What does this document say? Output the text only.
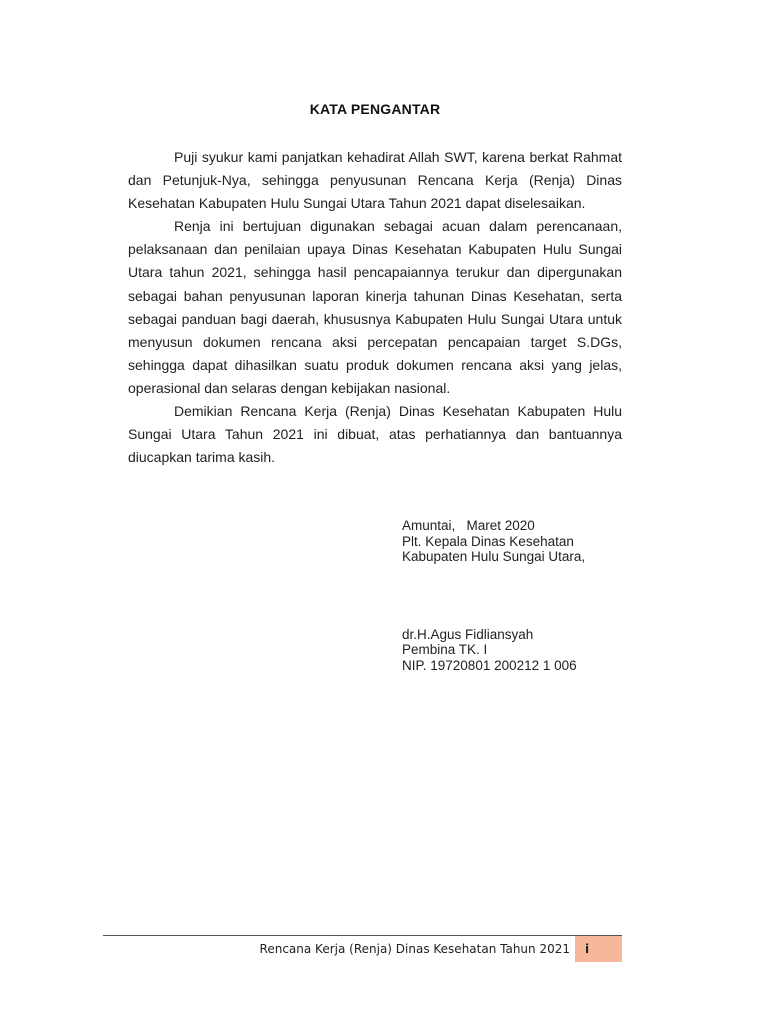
KATA PENGANTAR

Puji syukur kami panjatkan kehadirat Allah SWT, karena berkat Rahmat dan Petunjuk-Nya, sehingga penyusunan Rencana Kerja (Renja) Dinas Kesehatan Kabupaten Hulu Sungai Utara Tahun 2021 dapat diselesaikan.

Renja ini bertujuan digunakan sebagai acuan dalam perencanaan, pelaksanaan dan penilaian upaya Dinas Kesehatan Kabupaten Hulu Sungai Utara tahun 2021, sehingga hasil pencapaiannya terukur dan dipergunakan sebagai bahan penyusunan laporan kinerja tahunan Dinas Kesehatan, serta sebagai panduan bagi daerah, khususnya Kabupaten Hulu Sungai Utara untuk menyusun dokumen rencana aksi percepatan pencapaian target S.DGs, sehingga dapat dihasilkan suatu produk dokumen rencana aksi yang jelas, operasional dan selaras dengan kebijakan nasional.

Demikian Rencana Kerja (Renja) Dinas Kesehatan Kabupaten Hulu Sungai Utara Tahun 2021 ini dibuat, atas perhatiannya dan bantuannya diucapkan tarima kasih.

Amuntai,   Maret 2020
Plt. Kepala Dinas Kesehatan
Kabupaten Hulu Sungai Utara,
dr.H.Agus Fidliansyah
Pembina TK. I
NIP. 19720801 200212 1 006
Rencana Kerja (Renja) Dinas Kesehatan Tahun 2021	i
